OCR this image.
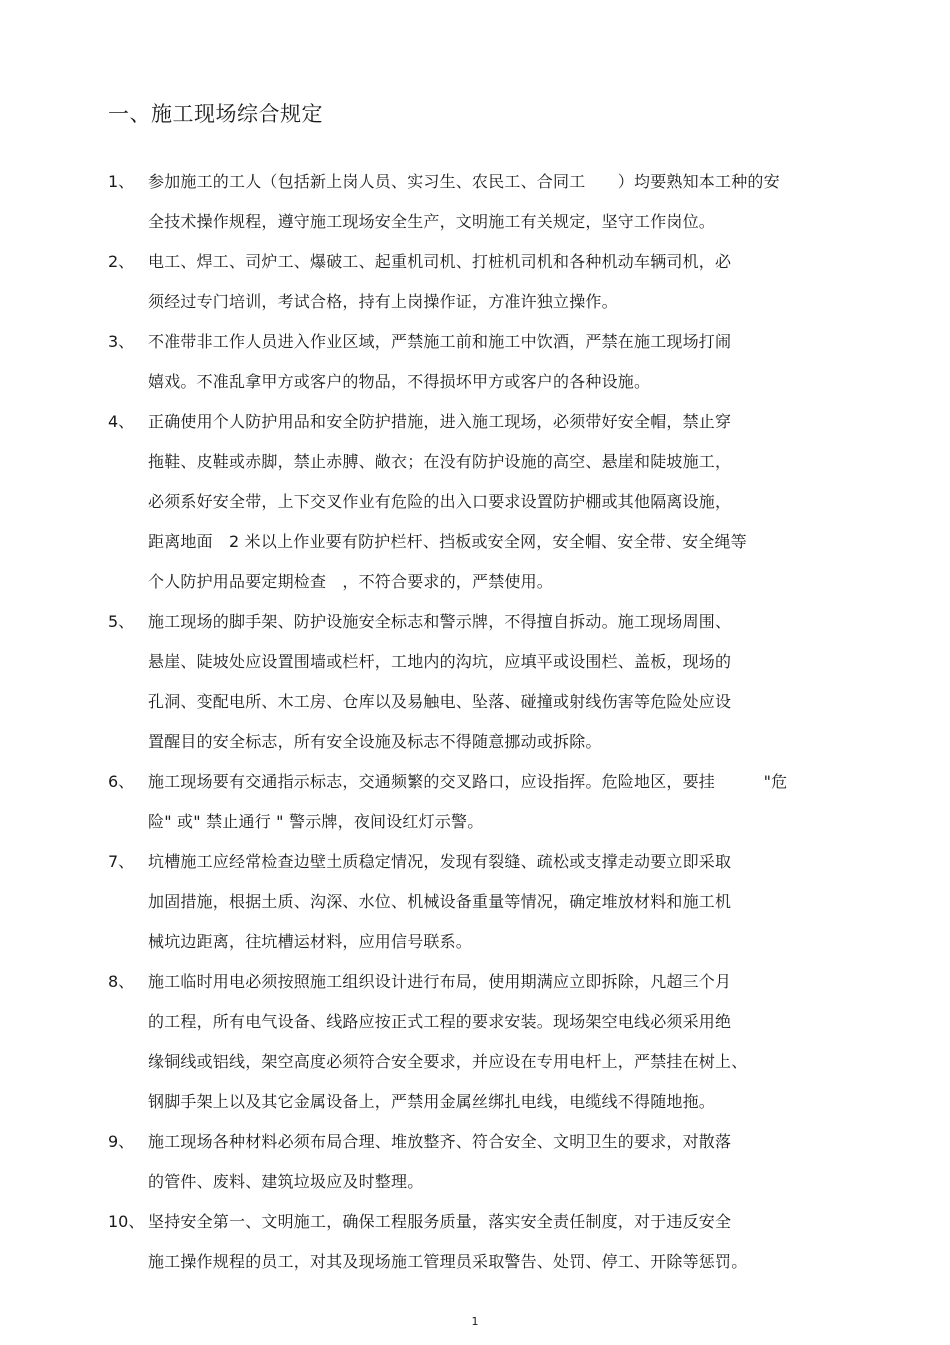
一、施工现场综合规定
1、 参加施工的工人（包括新上岗人员、实习生、农民工、合同工　　）均要熟知本工种的安
全技术操作规程，遵守施工现场安全生产，文明施工有关规定，坚守工作岗位。
2、 电工、焊工、司炉工、爆破工、起重机司机、打桩机司机和各种机动车辆司机，必
须经过专门培训，考试合格，持有上岗操作证，方准许独立操作。
3、 不准带非工作人员进入作业区域，严禁施工前和施工中饮酒，严禁在施工现场打闹
嬉戏。不准乱拿甲方或客户的物品，不得损坏甲方或客户的各种设施。
4、 正确使用个人防护用品和安全防护措施，进入施工现场，必须带好安全帽，禁止穿
拖鞋、皮鞋或赤脚，禁止赤膊、敞衣；在没有防护设施的高空、悬崖和陡坡施工，
必须系好安全带，上下交叉作业有危险的出入口要求设置防护棚或其他隔离设施，
距离地面　2 米以上作业要有防护栏杆、挡板或安全网，安全帽、安全带、安全绳等
个人防护用品要定期检查　，不符合要求的，严禁使用。
5、 施工现场的脚手架、防护设施安全标志和警示牌，不得擅自拆动。施工现场周围、
悬崖、陡坡处应设置围墙或栏杆，工地内的沟坑，应填平或设围栏、盖板，现场的
孔洞、变配电所、木工房、仓库以及易触电、坠落、碰撞或射线伤害等危险处应设
置醒目的安全标志，所有安全设施及标志不得随意挪动或拆除。
6、 施工现场要有交通指示标志，交通频繁的交叉路口，应设指挥。危险地区，要挂　　　"危
险" 或" 禁止通行 " 警示牌，夜间设红灯示警。
7、 坑槽施工应经常检查边壁土质稳定情况，发现有裂缝、疏松或支撑走动要立即采取
加固措施，根据土质、沟深、水位、机械设备重量等情况，确定堆放材料和施工机
械坑边距离，往坑槽运材料，应用信号联系。
8、 施工临时用电必须按照施工组织设计进行布局，使用期满应立即拆除，凡超三个月
的工程，所有电气设备、线路应按正式工程的要求安装。现场架空电线必须采用绝
缘铜线或铝线，架空高度必须符合安全要求，并应设在专用电杆上，严禁挂在树上、
钢脚手架上以及其它金属设备上，严禁用金属丝绑扎电线，电缆线不得随地拖。
9、 施工现场各种材料必须布局合理、堆放整齐、符合安全、文明卫生的要求，对散落
的管件、废料、建筑垃圾应及时整理。
10、 坚持安全第一、文明施工，确保工程服务质量，落实安全责任制度，对于违反安全
施工操作规程的员工，对其及现场施工管理员采取警告、处罚、停工、开除等惩罚。
1
